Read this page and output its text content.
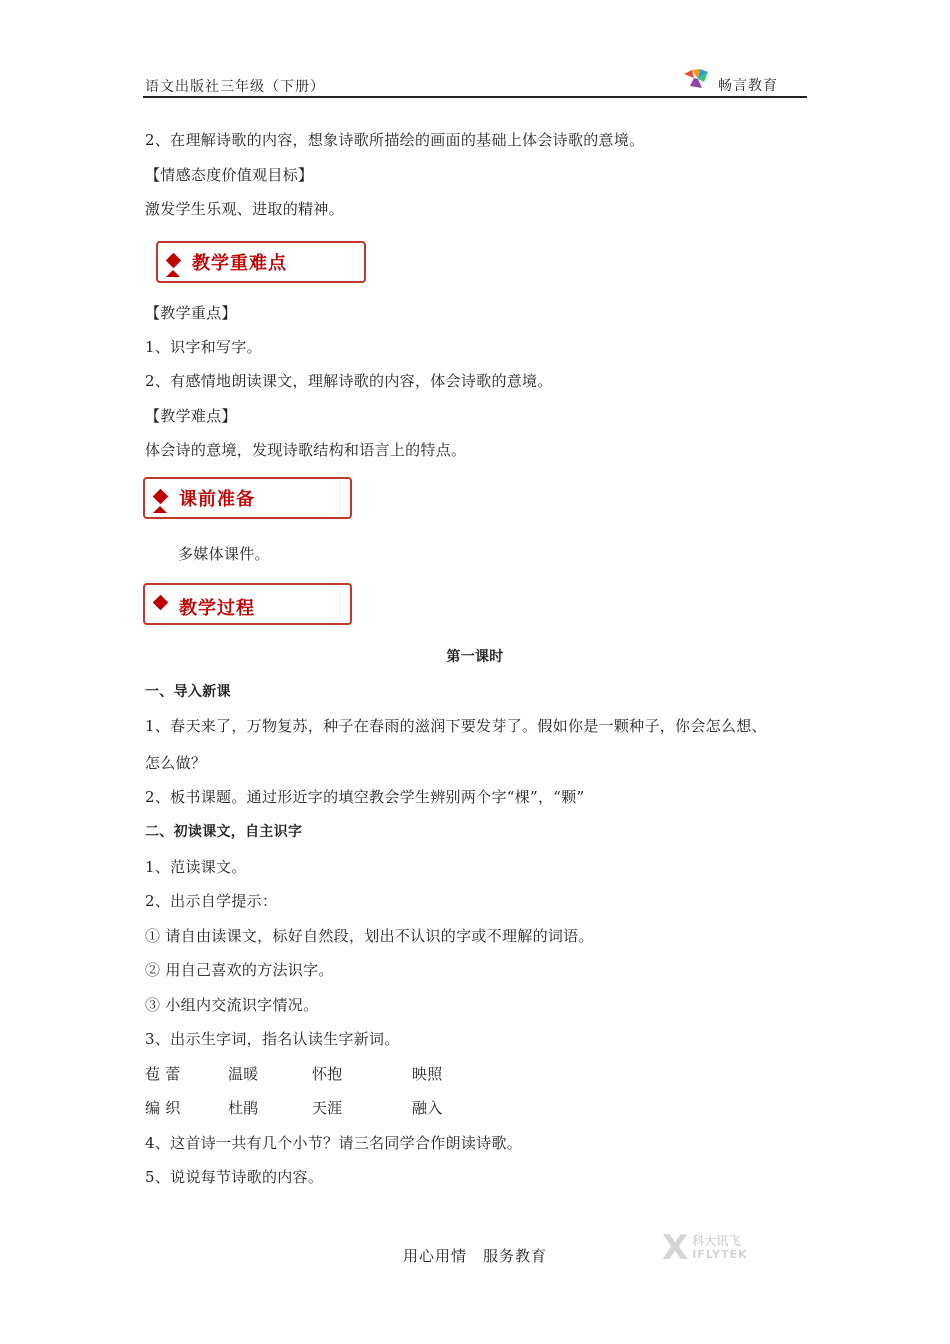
语文出版社三年级（下册）	畅言教育
2、在理解诗歌的内容，想象诗歌所描绘的画面的基础上体会诗歌的意境。
【情感态度价值观目标】
激发学生乐观、进取的精神。
教学重难点
【教学重点】
1、识字和写字。
2、有感情地朗读课文，理解诗歌的内容，体会诗歌的意境。
【教学难点】
体会诗的意境，发现诗歌结构和语言上的特点。
课前准备
多媒体课件。
教学过程
第一课时
一、导入新课
1、春天来了，万物复苏，种子在春雨的滋润下要发芽了。假如你是一颗种子，你会怎么想、
怎么做？
2、板书课题。通过形近字的填空教会学生辨别两个字“棵”，“颗”
二、初读课文，自主识字
1、范读课文。
2、出示自学提示：
① 请自由读课文，标好自然段，划出不认识的字或不理解的词语。
② 用自己喜欢的方法识字。
③ 小组内交流识字情况。
3、出示生字词，指名认读生字新词。
苞 蕾	温暖	怀抱	映照
编 织	杜鹃	天涯	融入
4、这首诗一共有几个小节？请三名同学合作朗读诗歌。
5、说说每节诗歌的内容。
用心用情　服务教育	X 科大讯飞
IFLYTEK
